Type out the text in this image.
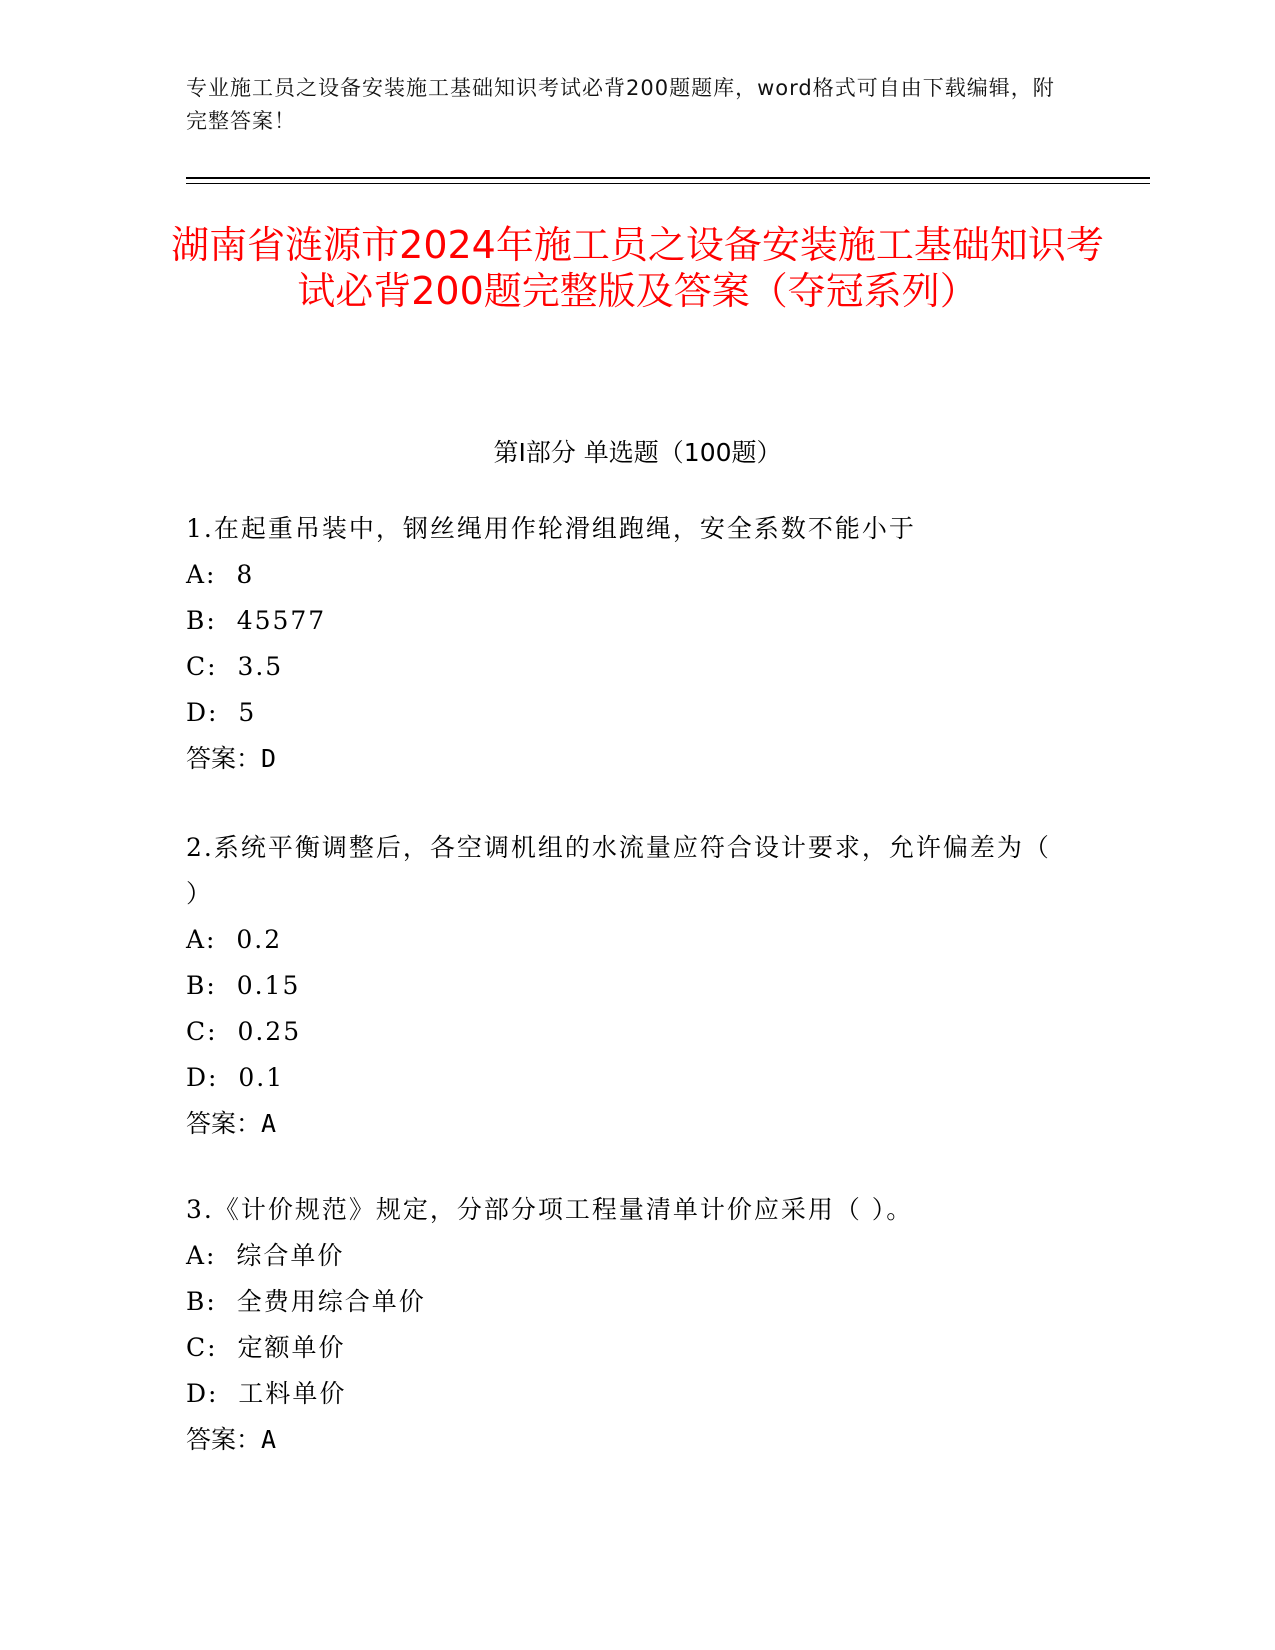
专业施工员之设备安装施工基础知识考试必背200题题库，word格式可自由下载编辑，附完整答案！
湖南省涟源市2024年施工员之设备安装施工基础知识考试必背200题完整版及答案（夺冠系列）
第Ⅰ部分 单选题（100题）

1.在起重吊装中，钢丝绳用作轮滑组跑绳，安全系数不能小于

A:  8

B:  45577

C:  3.5

D:  5

答案：D

2.系统平衡调整后，各空调机组的水流量应符合设计要求，允许偏差为（ ）

A:  0.2

B:  0.15

C:  0.25

D:  0.1

答案：A

3.《计价规范》规定，分部分项工程量清单计价应采用（ ）。

A:  综合单价

B:  全费用综合单价

C:  定额单价

D:  工料单价

答案：A
